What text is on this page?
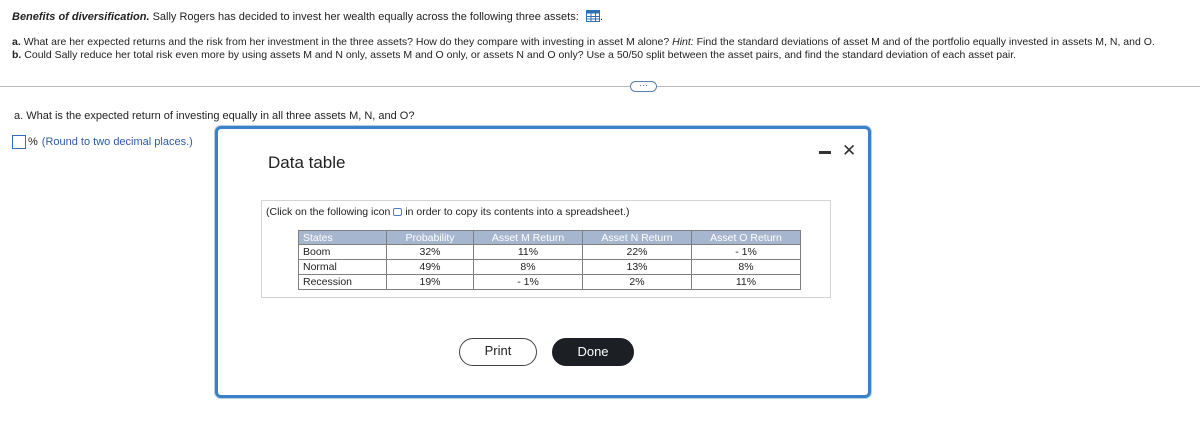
Benefits of diversification. Sally Rogers has decided to invest her wealth equally across the following three assets: .
a. What are her expected returns and the risk from her investment in the three assets? How do they compare with investing in asset M alone? Hint: Find the standard deviations of asset M and of the portfolio equally invested in assets M, N, and O.
b. Could Sally reduce her total risk even more by using assets M and N only, assets M and O only, or assets N and O only? Use a 50/50 split between the asset pairs, and find the standard deviation of each asset pair.
···
a. What is the expected return of investing equally in all three assets M, N, and O?
% (Round to two decimal places.)
Data table
✕
(Click on the following icon in order to copy its contents into a spreadsheet.)
States	Probability	Asset M Return	Asset N Return	Asset O Return
Boom	32%	11%	22%	- 1%
Normal	49%	8%	13%	8%
Recession	19%	- 1%	2%	11%
Print	Done
